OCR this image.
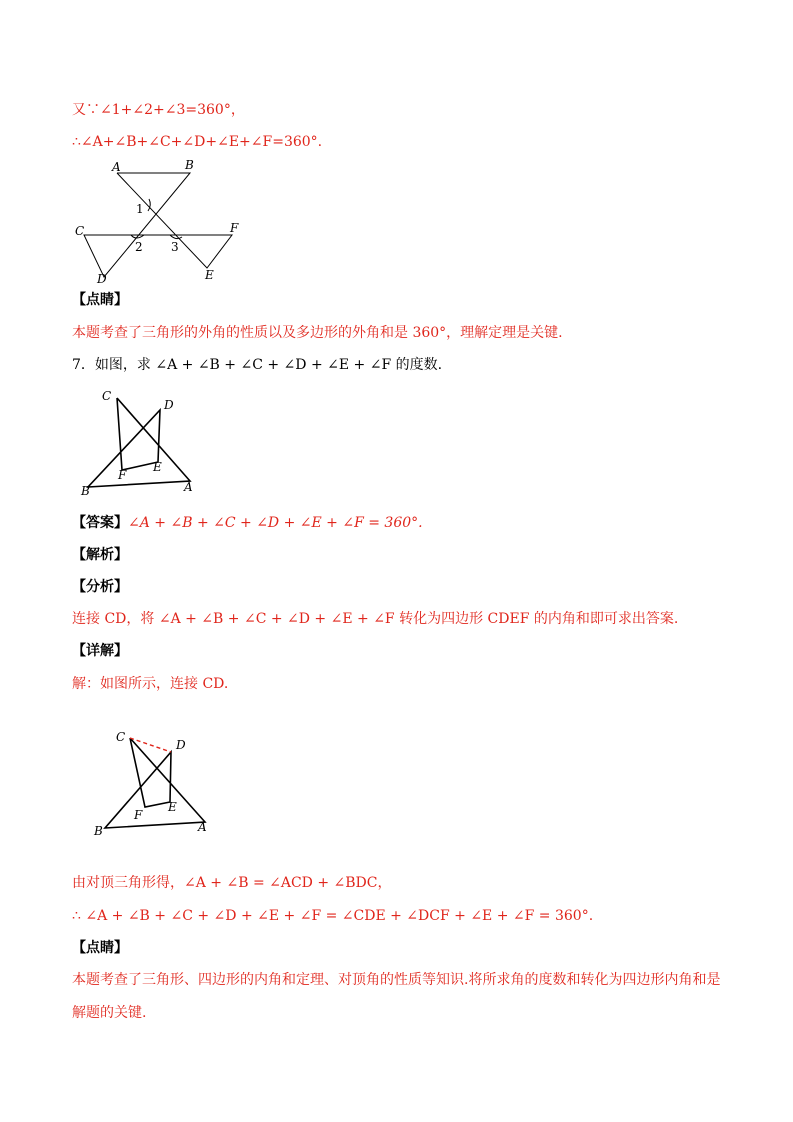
又∵∠1+∠2+∠3=360°，
∴∠A+∠B+∠C+∠D+∠E+∠F=360°.
A	B
C
D	E
F
1
2 3
【点睛】
本题考查了三角形的外角的性质以及多边形的外角和是 360°，理解定理是关键.
7．如图，求 ∠A + ∠B + ∠C + ∠D + ∠E + ∠F 的度数.
C
D
F
E
B	A
【答案】∠A + ∠B + ∠C + ∠D + ∠E + ∠F = 360°.
【解析】
【分析】
连接 CD，将 ∠A + ∠B + ∠C + ∠D + ∠E + ∠F 转化为四边形 CDEF 的内角和即可求出答案.
【详解】
解：如图所示，连接 CD.
C
D
F
E
B	A
由对顶三角形得，∠A + ∠B = ∠ACD + ∠BDC，
∴ ∠A + ∠B + ∠C + ∠D + ∠E + ∠F = ∠CDE + ∠DCF + ∠E + ∠F = 360°.
【点睛】
本题考查了三角形、四边形的内角和定理、对顶角的性质等知识.将所求角的度数和转化为四边形内角和是
解题的关键.
